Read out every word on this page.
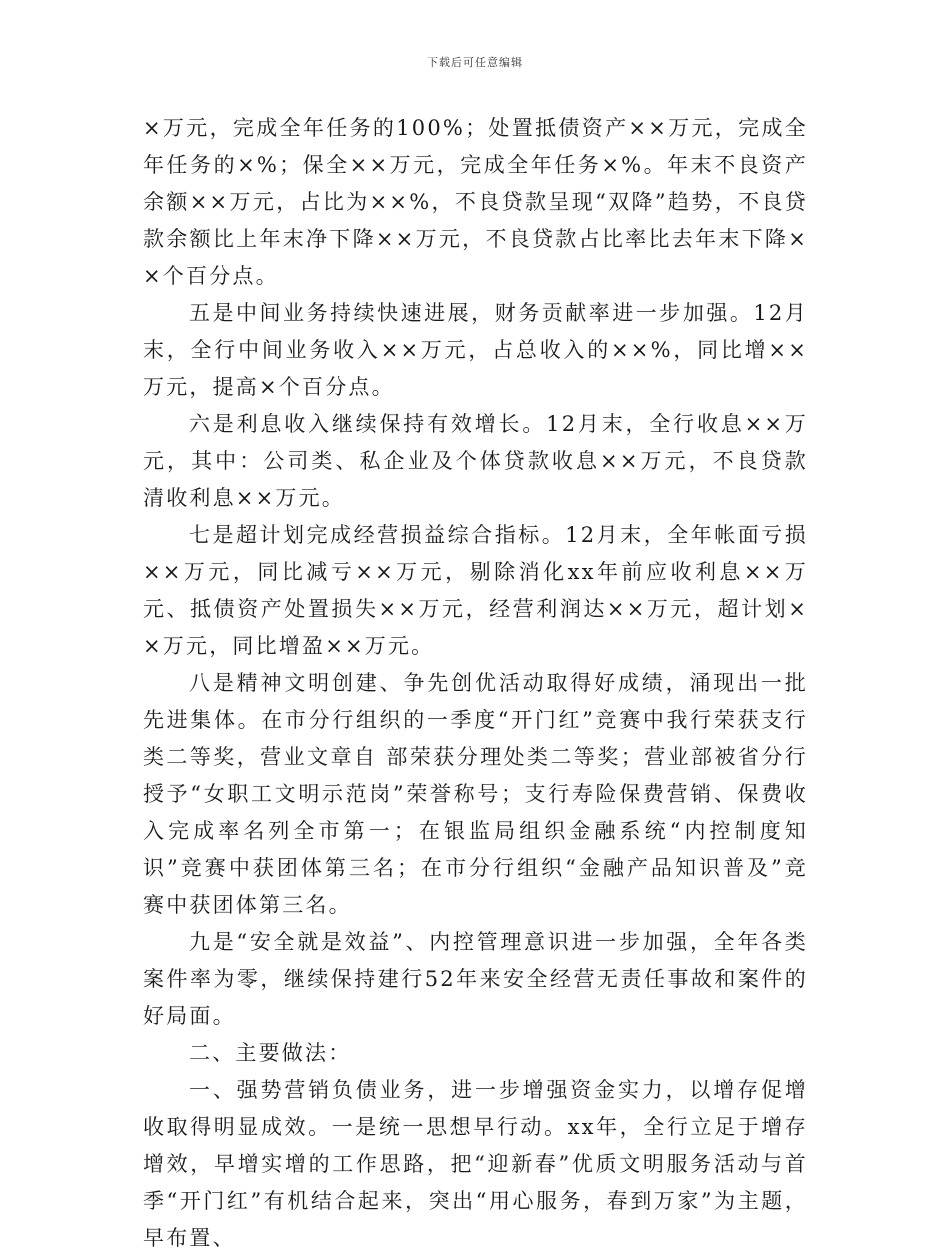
下载后可任意编辑

×万元，完成全年任务的100%；处置抵债资产××万元，完成全年任务的×%；保全××万元，完成全年任务×%。年末不良资产余额××万元，占比为××%，不良贷款呈现“双降”趋势，不良贷款余额比上年末净下降××万元，不良贷款占比率比去年末下降××个百分点。

五是中间业务持续快速进展，财务贡献率进一步加强。12月末，全行中间业务收入××万元，占总收入的××%，同比增××万元，提高×个百分点。

六是利息收入继续保持有效增长。12月末，全行收息××万元，其中：公司类、私企业及个体贷款收息××万元，不良贷款清收利息××万元。

七是超计划完成经营损益综合指标。12月末，全年帐面亏损××万元，同比减亏××万元，剔除消化xx年前应收利息××万元、抵债资产处置损失××万元，经营利润达××万元，超计划××万元，同比增盈××万元。

八是精神文明创建、争先创优活动取得好成绩，涌现出一批先进集体。在市分行组织的一季度“开门红”竞赛中我行荣获支行类二等奖，营业文章自 部荣获分理处类二等奖；营业部被省分行授予“女职工文明示范岗”荣誉称号；支行寿险保费营销、保费收入完成率名列全市第一；在银监局组织金融系统“内控制度知识”竞赛中获团体第三名；在市分行组织“金融产品知识普及”竞赛中获团体第三名。

九是“安全就是效益”、内控管理意识进一步加强，全年各类案件率为零，继续保持建行52年来安全经营无责任事故和案件的好局面。

二、主要做法：

一、强势营销负债业务，进一步增强资金实力，以增存促增收取得明显成效。一是统一思想早行动。xx年，全行立足于增存增效，早增实增的工作思路，把“迎新春”优质文明服务活动与首季“开门红”有机结合起来，突出“用心服务，春到万家”为主题，早布置、
